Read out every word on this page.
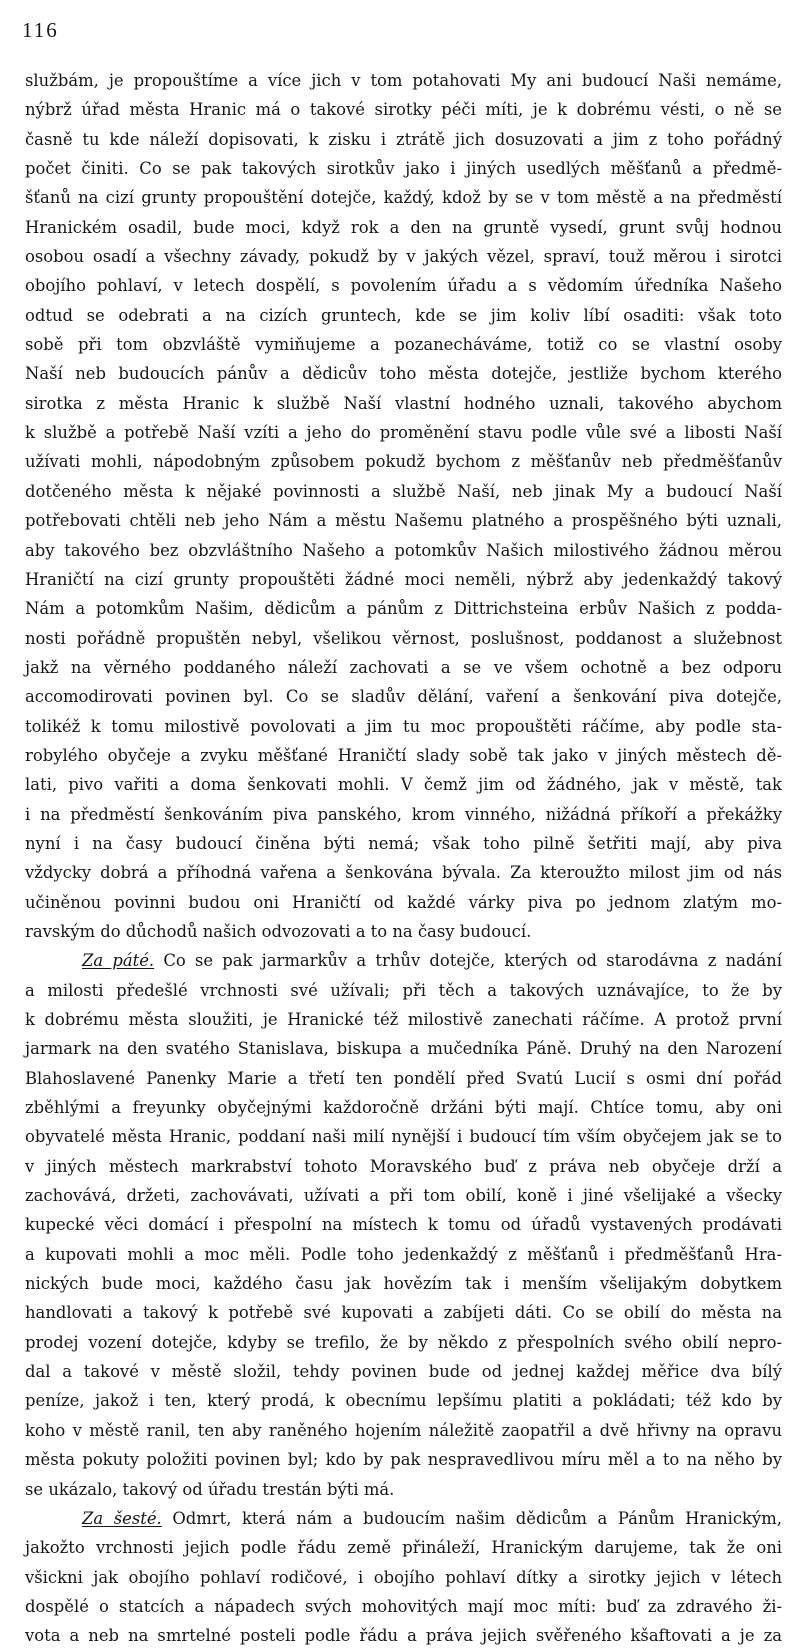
116
službám, je propouštíme a více jich v tom potahovati My ani budoucí Naši nemáme,
nýbrž úřad města Hranic má o takové sirotky péči míti, je k dobrému vésti, o ně se
časně tu kde náleží dopisovati, k zisku i ztrátě jich dosuzovati a jim z toho pořádný
počet činiti. Co se pak takových sirotkův jako i jiných usedlých měšťanů a předmě-
šťanů na cizí grunty propouštění dotejče, každý, kdož by se v tom městě a na předměstí
Hranickém osadil, bude moci, když rok a den na gruntě vysedí, grunt svůj hodnou
osobou osadí a všechny závady, pokudž by v jakých vězel, spraví, touž měrou i sirotci
obojího pohlaví, v letech dospělí, s povolením úřadu a s vědomím úředníka Našeho
odtud se odebrati a na cizích gruntech, kde se jim koliv líbí osaditi: však toto
sobě při tom obzvláště vymiňujeme a pozanecháváme, totiž co se vlastní osoby
Naší neb budoucích pánův a dědicův toho města dotejče, jestliže bychom kterého
sirotka z města Hranic k službě Naší vlastní hodného uznali, takového abychom
k službě a potřebě Naší vzíti a jeho do proměnění stavu podle vůle své a libosti Naší
užívati mohli, nápodobným způsobem pokudž bychom z měšťanův neb předměšťanův
dotčeného města k nějaké povinnosti a službě Naší, neb jinak My a budoucí Naší
potřebovati chtěli neb jeho Nám a městu Našemu platného a prospěšného býti uznali,
aby takového bez obzvláštního Našeho a potomkův Našich milostivého žádnou měrou
Hraničtí na cizí grunty propouštěti žádné moci neměli, nýbrž aby jedenkaždý takový
Nám a potomkům Našim, dědicům a pánům z Dittrichsteina erbův Našich z podda-
nosti pořádně propuštěn nebyl, všelikou věrnost, poslušnost, poddanost a služebnost
jakž na věrného poddaného náleží zachovati a se ve všem ochotně a bez odporu
accomodirovati povinen byl. Co se sladův dělání, vaření a šenkování piva dotejče,
tolikéž k tomu milostivě povolovati a jim tu moc propouštěti ráčíme, aby podle sta-
robylého obyčeje a zvyku měšťané Hraničtí slady sobě tak jako v jiných městech dě-
lati, pivo vařiti a doma šenkovati mohli. V čemž jim od žádného, jak v městě, tak
i na předměstí šenkováním piva panského, krom vinného, nižádná příkoří a překážky
nyní i na časy budoucí činěna býti nemá; však toho pilně šetřiti mají, aby piva
vždycky dobrá a příhodná vařena a šenkována bývala. Za kteroužto milost jim od nás
učiněnou povinni budou oni Hraničtí od každé várky piva po jednom zlatým mo-
ravským do důchodů našich odvozovati a to na časy budoucí.
Za páté. Co se pak jarmarkův a trhův dotejče, kterých od starodávna z nadání
a milosti předešlé vrchnosti své užívali; při těch a takových uznávajíce, to že by
k dobrému města sloužiti, je Hranické též milostivě zanechati ráčíme. A protož první
jarmark na den svatého Stanislava, biskupa a mučedníka Páně. Druhý na den Narození
Blahoslavené Panenky Marie a třetí ten pondělí před Svatú Lucií s osmi dní pořád
zběhlými a freyunky obyčejnými každoročně držáni býti mají. Chtíce tomu, aby oni
obyvatelé města Hranic, poddaní naši milí nynější i budoucí tím vším obyčejem jak se to
v jiných městech markrabství tohoto Moravského buď z práva neb obyčeje drží a
zachovává, držeti, zachovávati, užívati a při tom obilí, koně i jiné všelijaké a všecky
kupecké věci domácí i přespolní na místech k tomu od úřadů vystavených prodávati
a kupovati mohli a moc měli. Podle toho jedenkaždý z měšťanů i předměšťanů Hra-
nických bude moci, každého času jak hovězím tak i menším všelijakým dobytkem
handlovati a takový k potřebě své kupovati a zabíjeti dáti. Co se obilí do města na
prodej vození dotejče, kdyby se trefilo, že by někdo z přespolních svého obilí nepro-
dal a takové v městě složil, tehdy povinen bude od jednej každej měřice dva bílý
peníze, jakož i ten, který prodá, k obecnímu lepšímu platiti a pokládati; též kdo by
koho v městě ranil, ten aby raněného hojením náležitě zaopatřil a dvě hřivny na opravu
města pokuty položiti povinen byl; kdo by pak nespravedlivou míru měl a to na něho by
se ukázalo, takový od úřadu trestán býti má.
Za šesté. Odmrt, která nám a budoucím našim dědicům a Pánům Hranickým,
jakožto vrchnosti jejich podle řádu země přináleží, Hranickým darujeme, tak že oni
všickni jak obojího pohlaví rodičové, i obojího pohlaví dítky a sirotky jejich v létech
dospělé o statcích a nápadech svých mohovitých mají moc míti: buď za zdravého ži-
vota a neb na smrtelné posteli podle řádu a práva jejich svěřeného kšaftovati a je za
